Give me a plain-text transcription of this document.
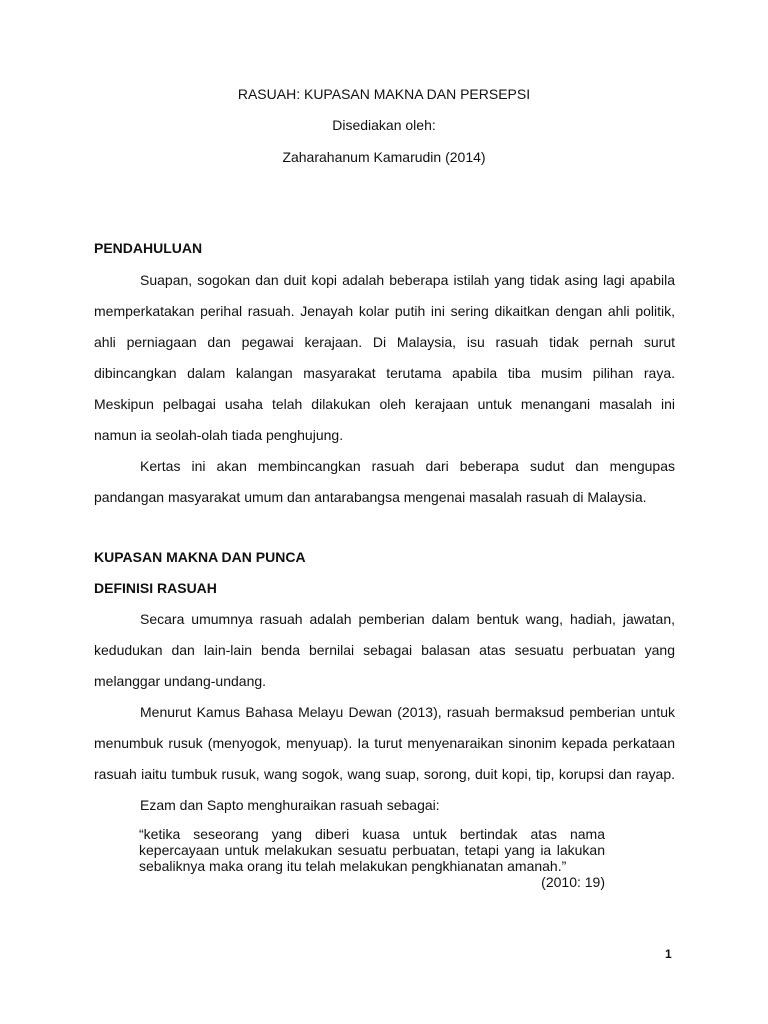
RASUAH: KUPASAN MAKNA DAN PERSEPSI
Disediakan oleh:
Zaharahanum Kamarudin (2014)
PENDAHULUAN
Suapan, sogokan dan duit kopi adalah beberapa istilah yang tidak asing lagi apabila
memperkatakan perihal rasuah. Jenayah kolar putih ini sering dikaitkan dengan ahli politik,
ahli perniagaan dan pegawai kerajaan. Di Malaysia, isu rasuah tidak pernah surut
dibincangkan dalam kalangan masyarakat terutama apabila tiba musim pilihan raya.
Meskipun pelbagai usaha telah dilakukan oleh kerajaan untuk menangani masalah ini
namun ia seolah-olah tiada penghujung.
Kertas ini akan membincangkan rasuah dari beberapa sudut dan mengupas
pandangan masyarakat umum dan antarabangsa mengenai masalah rasuah di Malaysia.
KUPASAN MAKNA DAN PUNCA
DEFINISI RASUAH
Secara umumnya rasuah adalah pemberian dalam bentuk wang, hadiah, jawatan,
kedudukan dan lain-lain benda bernilai sebagai balasan atas sesuatu perbuatan yang
melanggar undang-undang.
Menurut Kamus Bahasa Melayu Dewan (2013), rasuah bermaksud pemberian untuk
menumbuk rusuk (menyogok, menyuap). Ia turut menyenaraikan sinonim kepada perkataan
rasuah iaitu tumbuk rusuk, wang sogok, wang suap, sorong, duit kopi, tip, korupsi dan rayap.
Ezam dan Sapto menghuraikan rasuah sebagai:
“ketika seseorang yang diberi kuasa untuk bertindak atas nama
kepercayaan untuk melakukan sesuatu perbuatan, tetapi yang ia lakukan
sebaliknya maka orang itu telah melakukan pengkhianatan amanah.”
(2010: 19)
1
